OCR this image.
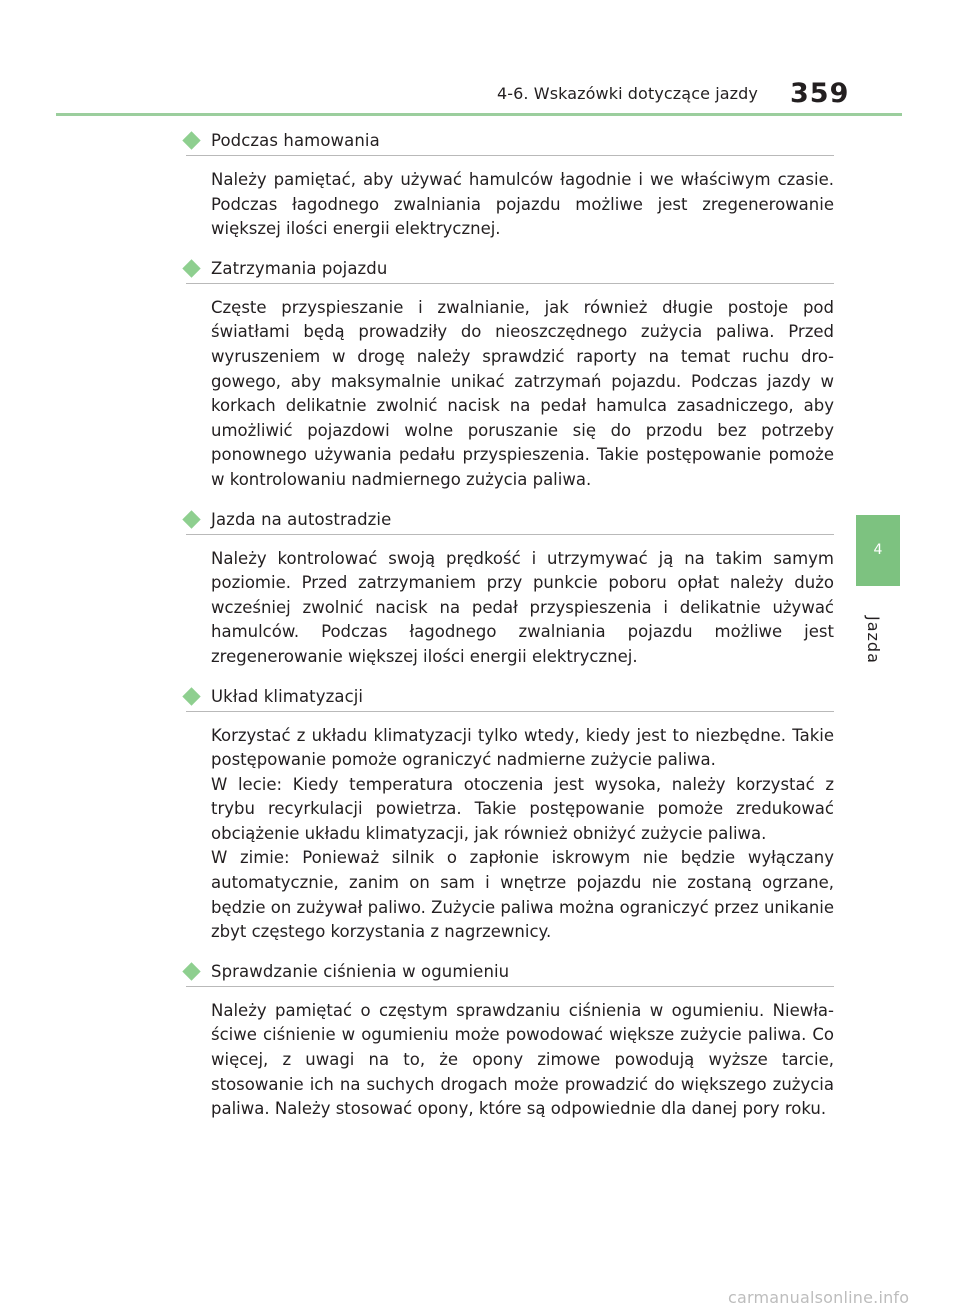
4-6. Wskazówki dotyczące jazdy 359
4
Jazda
Podczas hamowania

Należy pamiętać, aby używać hamulców łagodnie i we właściwym czasie. Podczas łagodnego zwalniania pojazdu możliwe jest zregenerowanie większej ilości energii elektrycznej.

Zatrzymania pojazdu

Częste przyspieszanie i zwalnianie, jak również długie postoje pod światłami będą prowadziły do nieoszczędnego zużycia paliwa. Przed wyruszeniem w drogę należy sprawdzić raporty na temat ruchu drogowego, aby maksymalnie unikać zatrzymań pojazdu. Podczas jazdy w korkach delikatnie zwolnić nacisk na pedał hamulca zasadniczego, aby umożliwić pojazdowi wolne poruszanie się do przodu bez potrzeby ponownego używania pedału przyspieszenia. Takie postępowanie pomoże w kontrolowaniu nadmiernego zużycia paliwa.

Jazda na autostradzie

Należy kontrolować swoją prędkość i utrzymywać ją na takim samym poziomie. Przed zatrzymaniem przy punkcie poboru opłat należy dużo wcześniej zwolnić nacisk na pedał przyspieszenia i delikatnie używać hamulców. Podczas łagodnego zwalniania pojazdu możliwe jest zregenerowanie większej ilości energii elektrycznej.

Układ klimatyzacji

Korzystać z układu klimatyzacji tylko wtedy, kiedy jest to niezbędne. Takie postępowanie pomoże ograniczyć nadmierne zużycie paliwa.

W lecie: Kiedy temperatura otoczenia jest wysoka, należy korzystać z trybu recyrkulacji powietrza. Takie postępowanie pomoże zredukować obciążenie układu klimatyzacji, jak również obniżyć zużycie paliwa.

W zimie: Ponieważ silnik o zapłonie iskrowym nie będzie wyłączany automatycznie, zanim on sam i wnętrze pojazdu nie zostaną ogrzane, będzie on zużywał paliwo. Zużycie paliwa można ograniczyć przez unikanie zbyt częstego korzystania z nagrzewnicy.

Sprawdzanie ciśnienia w ogumieniu

Należy pamiętać o częstym sprawdzaniu ciśnienia w ogumieniu. Niewłaściwe ciśnienie w ogumieniu może powodować większe zużycie paliwa. Co więcej, z uwagi na to, że opony zimowe powodują wyższe tarcie, stosowanie ich na suchych drogach może prowadzić do większego zużycia paliwa. Należy stosować opony, które są odpowiednie dla danej pory roku.

carmanualsonline.info
